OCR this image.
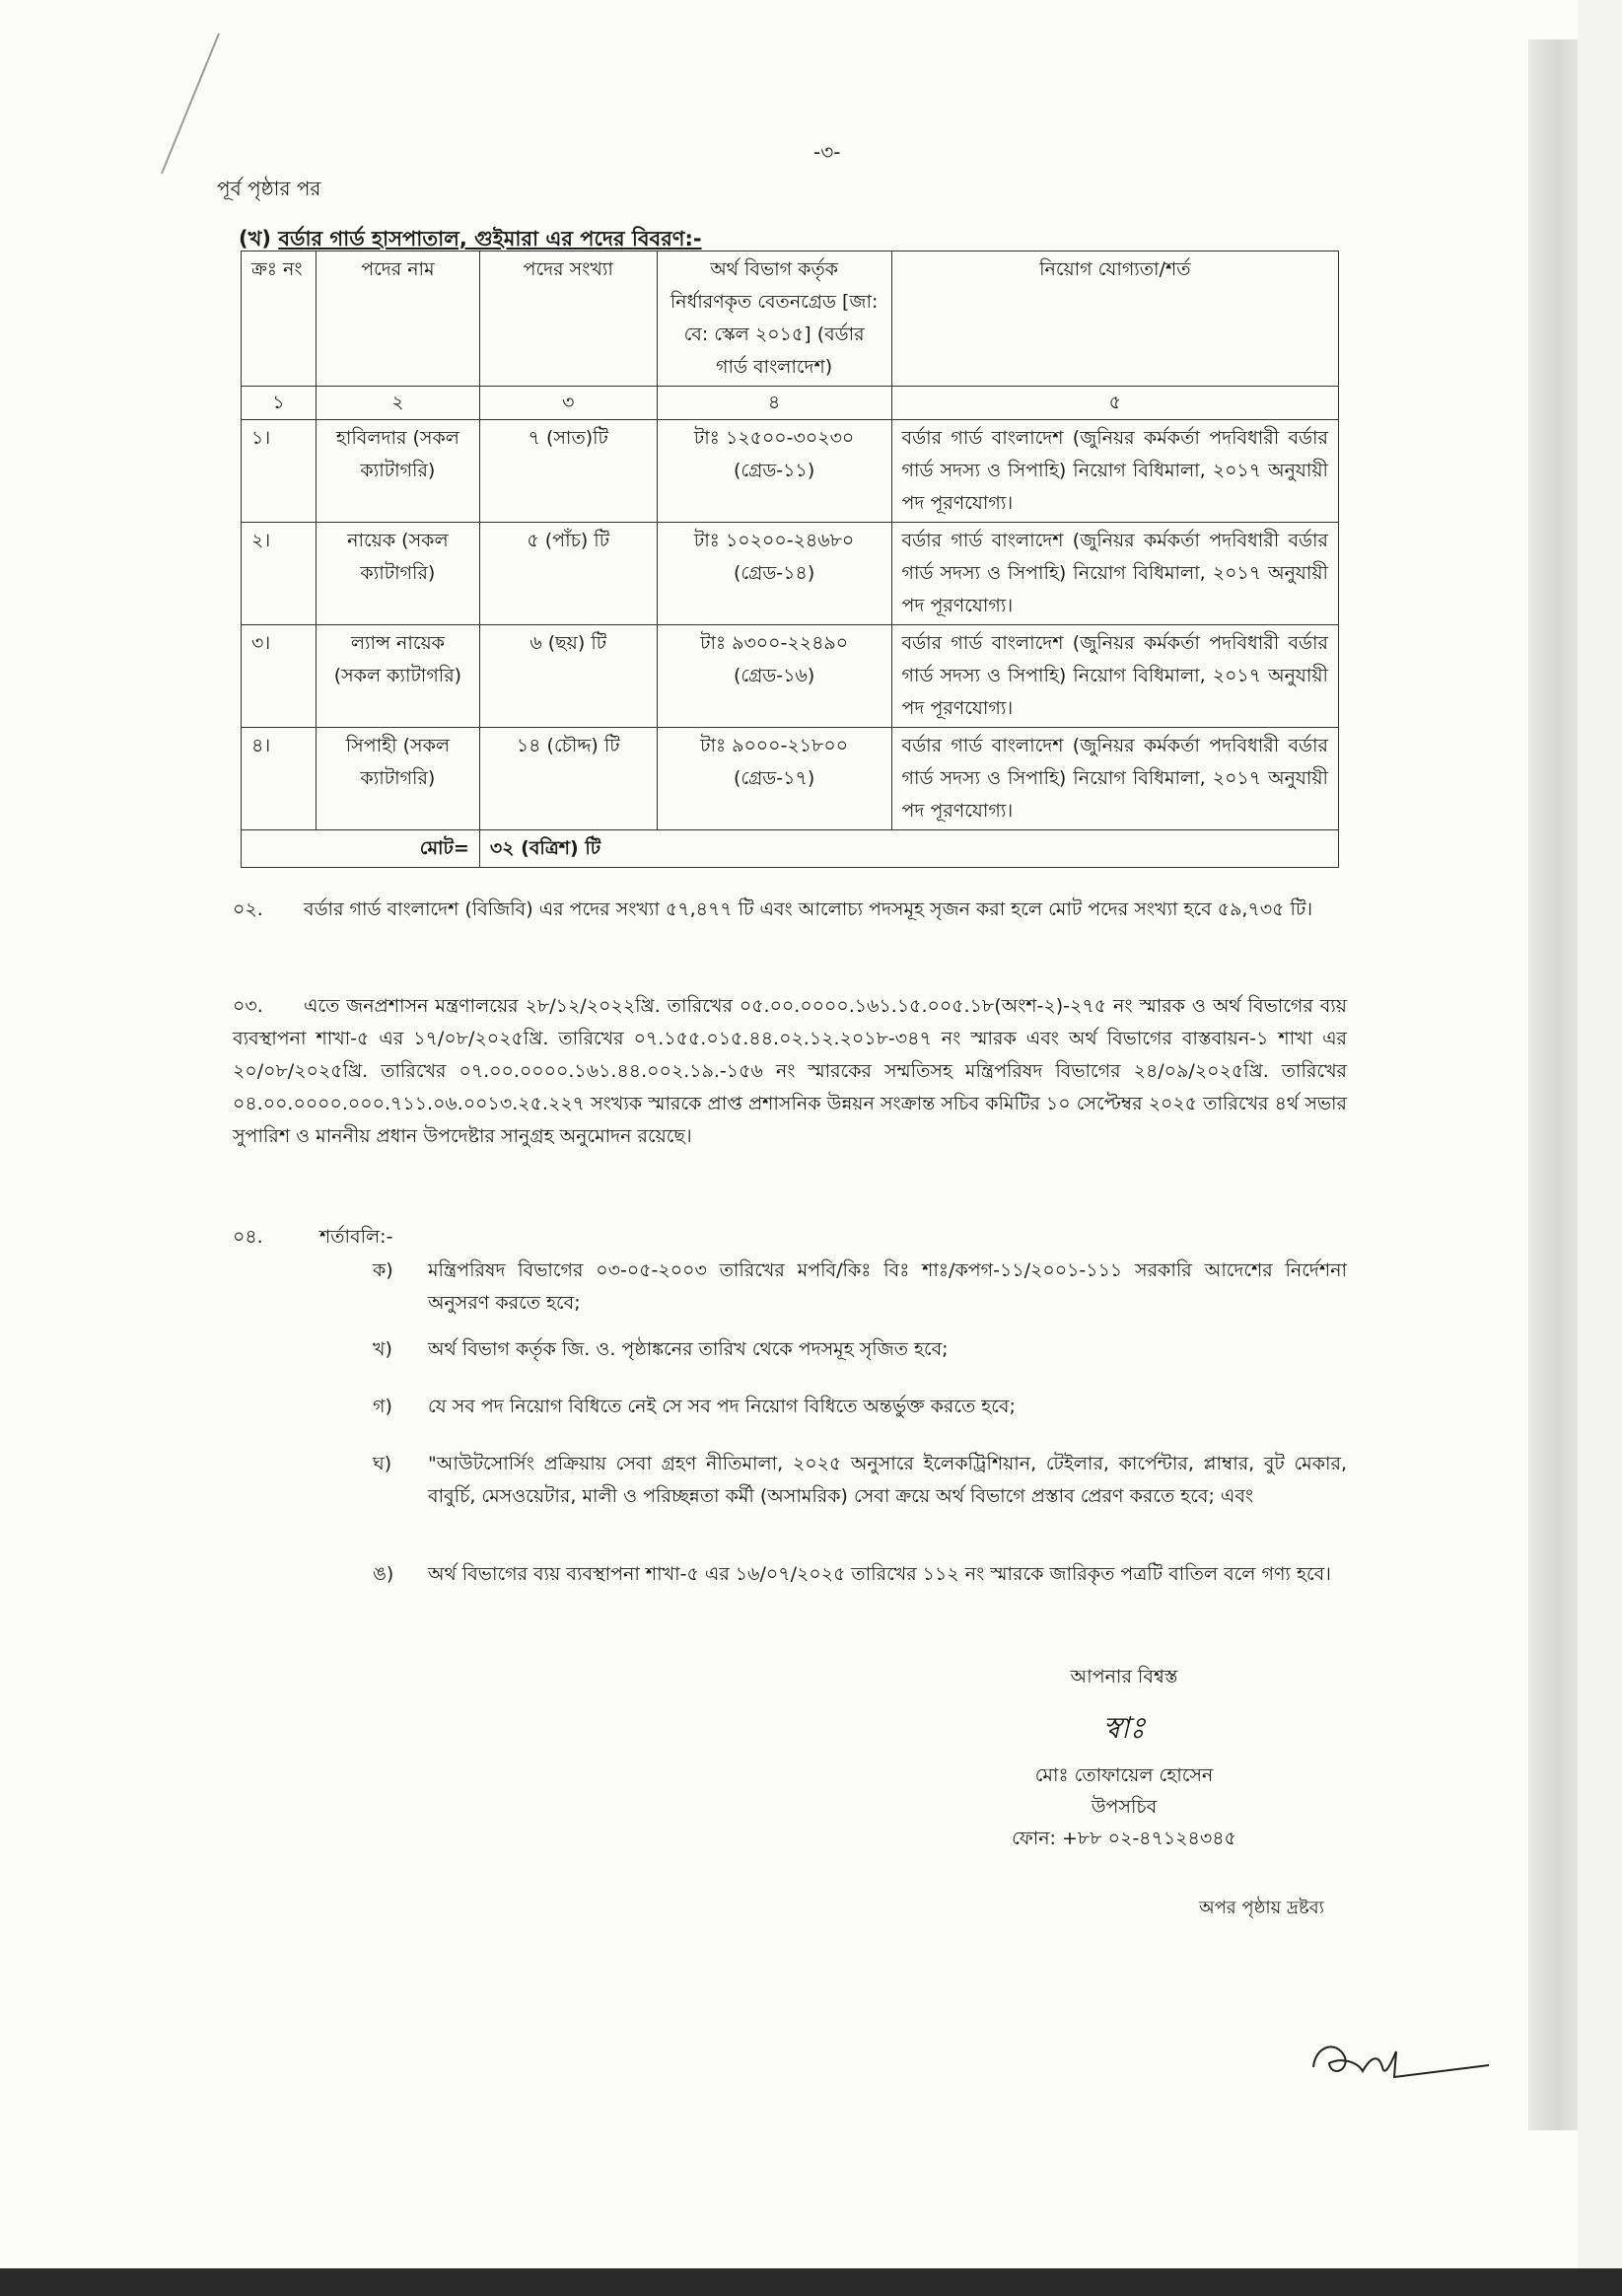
-৩-
পূর্ব পৃষ্ঠার পর
(খ) বর্ডার গার্ড হাসপাতাল, গুইমারা এর পদের বিবরণ:-
ক্রঃ নং	পদের নাম	পদের সংখ্যা	অর্থ বিভাগ কর্তৃক নির্ধারণকৃত বেতনগ্রেড [জা: বে: স্কেল ২০১৫] (বর্ডার গার্ড বাংলাদেশ)	নিয়োগ যোগ্যতা/শর্ত
১	২	৩	৪	৫
১।	হাবিলদার (সকল ক্যাটাগরি)	৭ (সাত)টি	টাঃ ১২৫০০-৩০২৩০ (গ্রেড-১১)	বর্ডার গার্ড বাংলাদেশ (জুনিয়র কর্মকর্তা পদবিধারী বর্ডার গার্ড সদস্য ও সিপাহি) নিয়োগ বিধিমালা, ২০১৭ অনুযায়ী পদ পূরণযোগ্য।
২।	নায়েক (সকল ক্যাটাগরি)	৫ (পাঁচ) টি	টাঃ ১০২০০-২৪৬৮০ (গ্রেড-১৪)	বর্ডার গার্ড বাংলাদেশ (জুনিয়র কর্মকর্তা পদবিধারী বর্ডার গার্ড সদস্য ও সিপাহি) নিয়োগ বিধিমালা, ২০১৭ অনুযায়ী পদ পূরণযোগ্য।
৩।	ল্যান্স নায়েক (সকল ক্যাটাগরি)	৬ (ছয়) টি	টাঃ ৯৩০০-২২৪৯০ (গ্রেড-১৬)	বর্ডার গার্ড বাংলাদেশ (জুনিয়র কর্মকর্তা পদবিধারী বর্ডার গার্ড সদস্য ও সিপাহি) নিয়োগ বিধিমালা, ২০১৭ অনুযায়ী পদ পূরণযোগ্য।
৪।	সিপাহী (সকল ক্যাটাগরি)	১৪ (চৌদ্দ) টি	টাঃ ৯০০০-২১৮০০ (গ্রেড-১৭)	বর্ডার গার্ড বাংলাদেশ (জুনিয়র কর্মকর্তা পদবিধারী বর্ডার গার্ড সদস্য ও সিপাহি) নিয়োগ বিধিমালা, ২০১৭ অনুযায়ী পদ পূরণযোগ্য।
মোট=		৩২ (বত্রিশ) টি		
০২. বর্ডার গার্ড বাংলাদেশ (বিজিবি) এর পদের সংখ্যা ৫৭,৪৭৭ টি এবং আলোচ্য পদসমূহ সৃজন করা হলে মোট পদের সংখ্যা হবে ৫৯,৭৩৫ টি।
০৩. এতে জনপ্রশাসন মন্ত্রণালয়ের ২৮/১২/২০২২খ্রি. তারিখের ০৫.০০.০০০০.১৬১.১৫.০০৫.১৮(অংশ-২)-২৭৫ নং স্মারক ও অর্থ বিভাগের ব্যয় ব্যবস্থাপনা শাখা-৫ এর ১৭/০৮/২০২৫খ্রি. তারিখের ০৭.১৫৫.০১৫.৪৪.০২.১২.২০১৮-৩৪৭ নং স্মারক এবং অর্থ বিভাগের বাস্তবায়ন-১ শাখা এর ২০/০৮/২০২৫খ্রি. তারিখের ০৭.০০.০০০০.১৬১.৪৪.০০২.১৯.-১৫৬ নং স্মারকের সম্মতিসহ মন্ত্রিপরিষদ বিভাগের ২৪/০৯/২০২৫খ্রি. তারিখের ০৪.০০.০০০০.০০০.৭১১.০৬.০০১৩.২৫.২২৭ সংখ্যক স্মারকে প্রাপ্ত প্রশাসনিক উন্নয়ন সংক্রান্ত সচিব কমিটির ১০ সেপ্টেম্বর ২০২৫ তারিখের ৪র্থ সভার সুপারিশ ও মাননীয় প্রধান উপদেষ্টার সানুগ্রহ অনুমোদন রয়েছে।
০৪.	শর্তাবলি:-
ক)	মন্ত্রিপরিষদ বিভাগের ০৩-০৫-২০০৩ তারিখের মপবি/কিঃ বিঃ শাঃ/কপগ-১১/২০০১-১১১ সরকারি আদেশের নির্দেশনা অনুসরণ করতে হবে;
খ)	অর্থ বিভাগ কর্তৃক জি. ও. পৃষ্ঠাঙ্কনের তারিখ থেকে পদসমূহ সৃজিত হবে;
গ)	যে সব পদ নিয়োগ বিধিতে নেই সে সব পদ নিয়োগ বিধিতে অন্তর্ভুক্ত করতে হবে;
ঘ)	"আউটসোর্সিং প্রক্রিয়ায় সেবা গ্রহণ নীতিমালা, ২০২৫ অনুসারে ইলেকট্রিশিয়ান, টেইলার, কার্পেন্টার, প্লাম্বার, বুট মেকার, বাবুর্চি, মেসওয়েটার, মালী ও পরিচ্ছন্নতা কর্মী (অসামরিক) সেবা ক্রয়ে অর্থ বিভাগে প্রস্তাব প্রেরণ করতে হবে; এবং
ঙ)	অর্থ বিভাগের ব্যয় ব্যবস্থাপনা শাখা-৫ এর ১৬/০৭/২০২৫ তারিখের ১১২ নং স্মারকে জারিকৃত পত্রটি বাতিল বলে গণ্য হবে।
আপনার বিশ্বস্ত
স্বাঃ
মোঃ তোফায়েল হোসেন
উপসচিব
ফোন: +৮৮ ০২-৪৭১২৪৩৪৫
অপর পৃষ্ঠায় দ্রষ্টব্য
